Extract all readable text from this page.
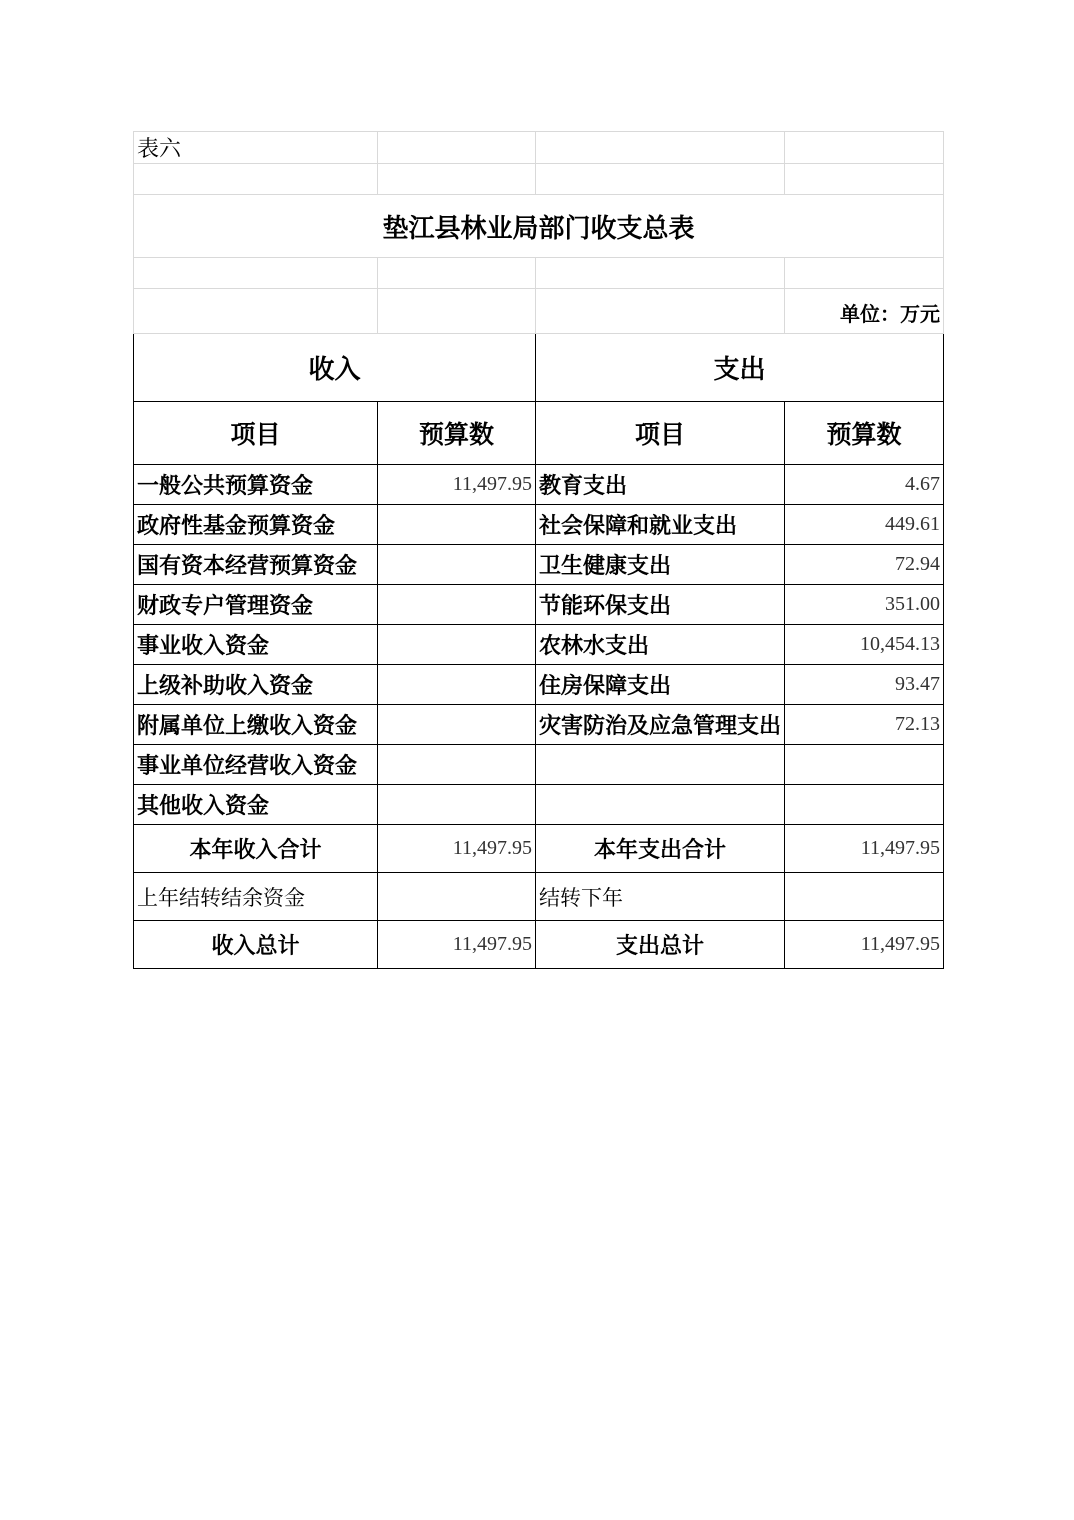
表六			

垫江县林业局部门收支总表			

			单位：万元
收入		支出	
项目	预算数	项目	预算数
一般公共预算资金	11,497.95	教育支出	4.67
政府性基金预算资金		社会保障和就业支出	449.61
国有资本经营预算资金		卫生健康支出	72.94
财政专户管理资金		节能环保支出	351.00
事业收入资金		农林水支出	10,454.13
上级补助收入资金		住房保障支出	93.47
附属单位上缴收入资金		灾害防治及应急管理支出	72.13
事业单位经营收入资金			
其他收入资金			
本年收入合计	11,497.95	本年支出合计	11,497.95
上年结转结余资金		结转下年	
收入总计	11,497.95	支出总计	11,497.95
